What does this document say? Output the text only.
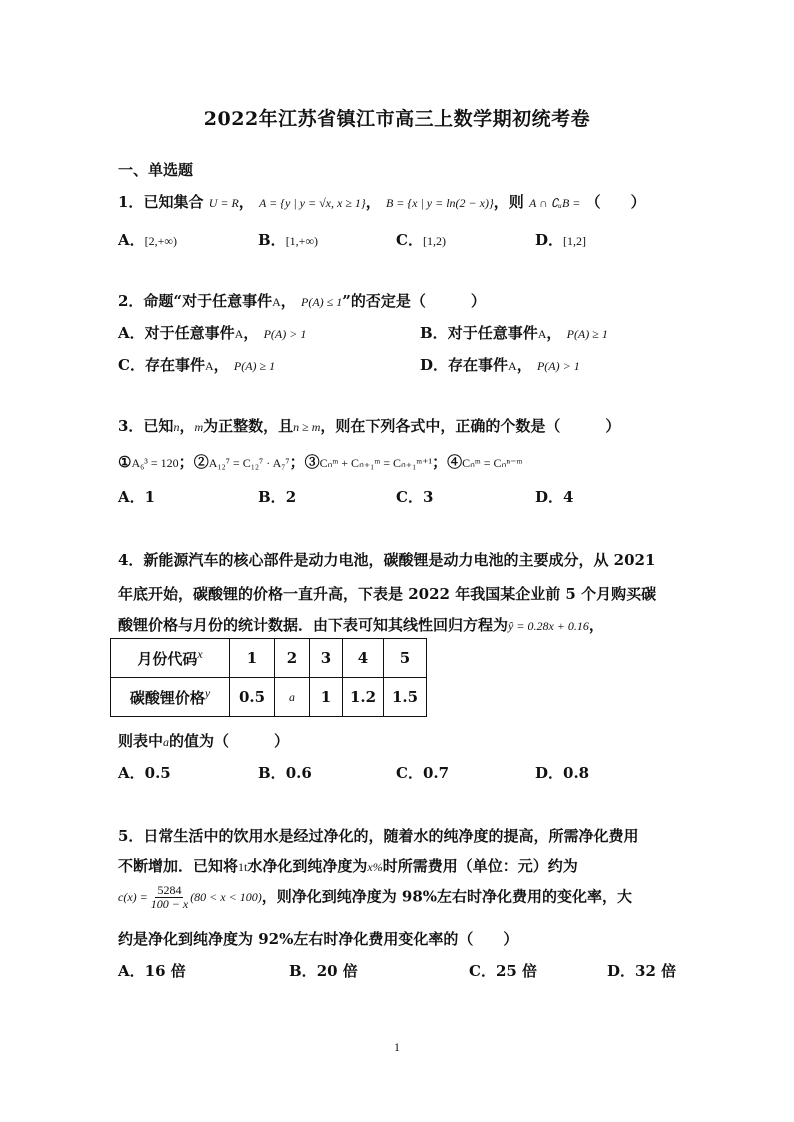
2022年江苏省镇江市高三上数学期初统考卷
一、单选题
1．已知集合 U = R， A = {y | y = √x, x ≥ 1}， B = {x | y = ln(2 − x)}，则 A ∩ ∁ᵤB = （　　）
A．[2,+∞)	B．[1,+∞)	C．[1,2)	D．[1,2]
2．命题“对于任意事件A， P(A) ≤ 1”的否定是（　　　）
A．对于任意事件A， P(A) > 1	B．对于任意事件A， P(A) ≥ 1
C．存在事件A， P(A) ≥ 1	D．存在事件A， P(A) > 1
3．已知n，m为正整数，且n ≥ m，则在下列各式中，正确的个数是（　　　）
①A₆³ = 120；②A₁₂⁷ = C₁₂⁷ · A₇⁷；③Cₙᵐ + Cₙ₊₁ᵐ = Cₙ₊₁ᵐ⁺¹；④Cₙᵐ = Cₙⁿ⁻ᵐ
A．1	B．2	C．3	D．4
4．新能源汽车的核心部件是动力电池，碳酸锂是动力电池的主要成分，从 2021
年底开始，碳酸锂的价格一直升高，下表是 2022 年我国某企业前 5 个月购买碳
酸锂价格与月份的统计数据．由下表可知其线性回归方程为ŷ = 0.28x + 0.16，
月份代码$^x$	1	2	3	4	5
碳酸锂价格$^y$	0.5	a	1	1.2	1.5
则表中a的值为（　　　）
A．0.5	B．0.6	C．0.7	D．0.8
5．日常生活中的饮用水是经过净化的，随着水的纯净度的提高，所需净化费用
不断增加．已知将1t水净化到纯净度为x%时所需费用（单位：元）约为
$c(x) = \frac{5284}{100 - x} (80 < x < 100)$ ，则净化到纯净度为 98%左右时净化费用的变化率，大
约是净化到纯净度为 92%左右时净化费用变化率的（　　）
A．16 倍	B．20 倍	C．25 倍	D．32 倍
1
